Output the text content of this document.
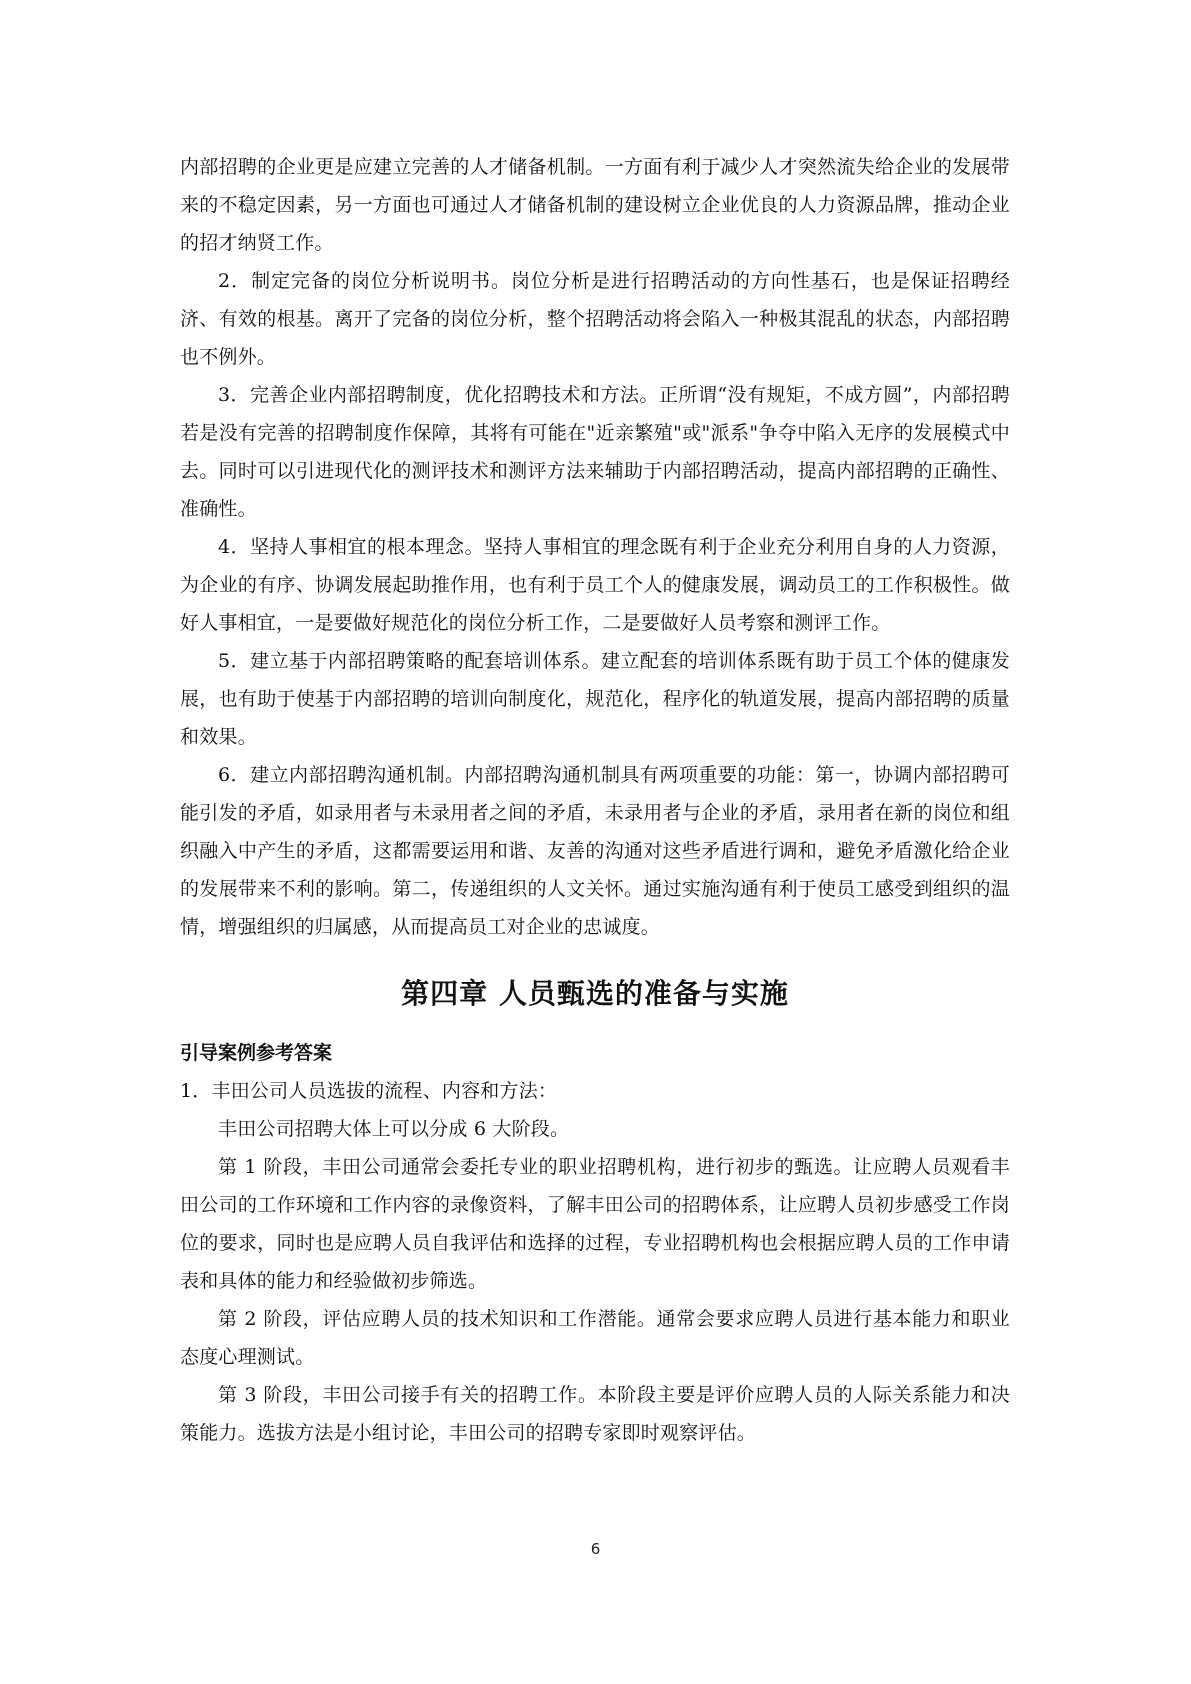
内部招聘的企业更是应建立完善的人才储备机制。一方面有利于减少人才突然流失给企业的发展带来的不稳定因素，另一方面也可通过人才储备机制的建设树立企业优良的人力资源品牌，推动企业的招才纳贤工作。

2．制定完备的岗位分析说明书。岗位分析是进行招聘活动的方向性基石，也是保证招聘经济、有效的根基。离开了完备的岗位分析，整个招聘活动将会陷入一种极其混乱的状态，内部招聘也不例外。

3．完善企业内部招聘制度，优化招聘技术和方法。正所谓“没有规矩，不成方圆”，内部招聘若是没有完善的招聘制度作保障，其将有可能在"近亲繁殖"或"派系"争夺中陷入无序的发展模式中去。同时可以引进现代化的测评技术和测评方法来辅助于内部招聘活动，提高内部招聘的正确性、准确性。

4．坚持人事相宜的根本理念。坚持人事相宜的理念既有利于企业充分利用自身的人力资源，为企业的有序、协调发展起助推作用，也有利于员工个人的健康发展，调动员工的工作积极性。做好人事相宜，一是要做好规范化的岗位分析工作，二是要做好人员考察和测评工作。

5．建立基于内部招聘策略的配套培训体系。建立配套的培训体系既有助于员工个体的健康发展，也有助于使基于内部招聘的培训向制度化，规范化，程序化的轨道发展，提高内部招聘的质量和效果。

6．建立内部招聘沟通机制。内部招聘沟通机制具有两项重要的功能：第一，协调内部招聘可能引发的矛盾，如录用者与未录用者之间的矛盾，未录用者与企业的矛盾，录用者在新的岗位和组织融入中产生的矛盾，这都需要运用和谐、友善的沟通对这些矛盾进行调和，避免矛盾激化给企业的发展带来不利的影响。第二，传递组织的人文关怀。通过实施沟通有利于使员工感受到组织的温情，增强组织的归属感，从而提高员工对企业的忠诚度。

第四章 人员甄选的准备与实施

引导案例参考答案

1．丰田公司人员选拔的流程、内容和方法：

丰田公司招聘大体上可以分成 6 大阶段。

第 1 阶段，丰田公司通常会委托专业的职业招聘机构，进行初步的甄选。让应聘人员观看丰田公司的工作环境和工作内容的录像资料，了解丰田公司的招聘体系，让应聘人员初步感受工作岗位的要求，同时也是应聘人员自我评估和选择的过程，专业招聘机构也会根据应聘人员的工作申请表和具体的能力和经验做初步筛选。

第 2 阶段，评估应聘人员的技术知识和工作潜能。通常会要求应聘人员进行基本能力和职业态度心理测试。

第 3 阶段，丰田公司接手有关的招聘工作。本阶段主要是评价应聘人员的人际关系能力和决策能力。选拔方法是小组讨论，丰田公司的招聘专家即时观察评估。

6
